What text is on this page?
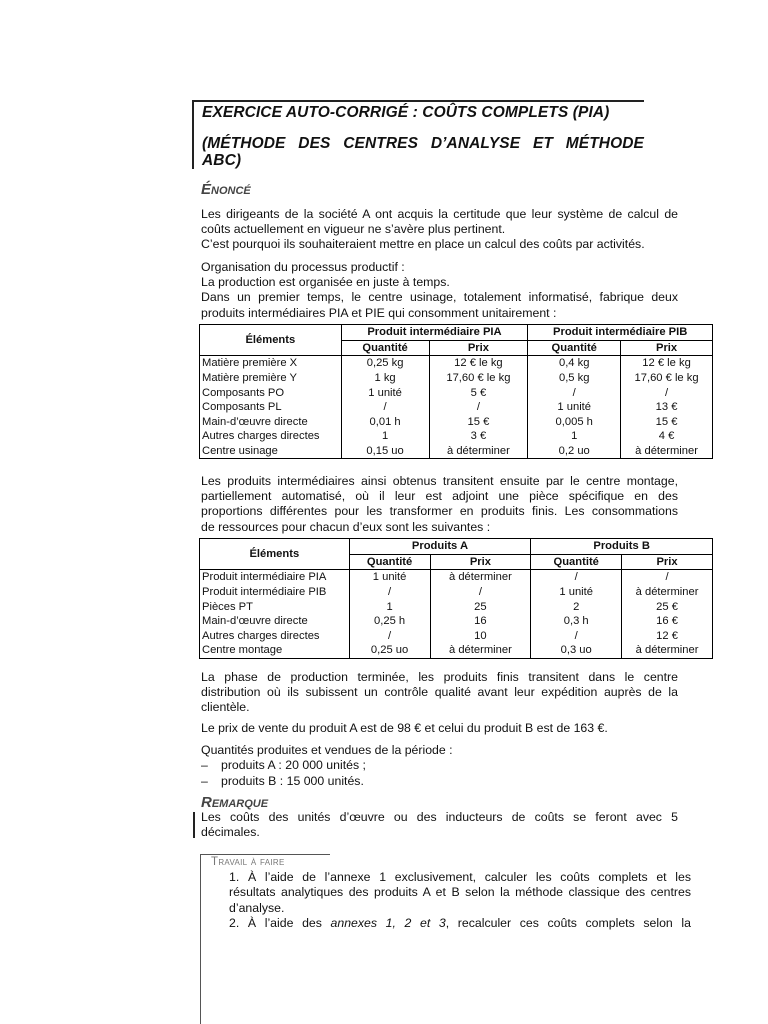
EXERCICE AUTO-CORRIGÉ : COÛTS COMPLETS (PIA)

(MÉTHODE DES CENTRES D’ANALYSE ET MÉTHODE
ABC)

Énoncé
Les dirigeants de la société A ont acquis la certitude que leur système de calcul de
coûts actuellement en vigueur ne s’avère plus pertinent.
C’est pourquoi ils souhaiteraient mettre en place un calcul des coûts par activités.
Organisation du processus productif :
La production est organisée en juste à temps.
Dans un premier temps, le centre usinage, totalement informatisé, fabrique deux
produits intermédiaires PIA et PIE qui consomment unitairement :
Éléments	Produit intermédiaire PIA		Produit intermédiaire PIB	
	Quantité	Prix	Quantité	Prix
Matière première X	0,25 kg	12 € le kg	0,4 kg	12 € le kg
Matière première Y	1 kg	17,60 € le kg	0,5 kg	17,60 € le kg
Composants PO	1 unité	5 €	/	/
Composants PL	/	/	1 unité	13 €
Main-d’œuvre directe	0,01 h	15 €	0,005 h	15 €
Autres charges directes	1	3 €	1	4 €
Centre usinage	0,15 uo	à déterminer	0,2 uo	à déterminer
Les produits intermédiaires ainsi obtenus transitent ensuite par le centre montage,
partiellement automatisé, où il leur est adjoint une pièce spécifique en des
proportions différentes pour les transformer en produits finis. Les consommations
de ressources pour chacun d’eux sont les suivantes :
Éléments	Produits A		Produits B	
	Quantité	Prix	Quantité	Prix
Produit intermédiaire PIA	1 unité	à déterminer	/	/
Produit intermédiaire PIB	/	/	1 unité	à déterminer
Pièces PT	1	25	2	25 €
Main-d’œuvre directe	0,25 h	16	0,3 h	16 €
Autres charges directes	/	10	/	12 €
Centre montage	0,25 uo	à déterminer	0,3 uo	à déterminer
La phase de production terminée, les produits finis transitent dans le centre
distribution où ils subissent un contrôle qualité avant leur expédition auprès de la
clientèle.
Le prix de vente du produit A est de 98 € et celui du produit B est de 163 €.
Quantités produites et vendues de la période :
– produits A : 20 000 unités ;
– produits B : 15 000 unités.
Remarque
Les coûts des unités d’œuvre ou des inducteurs de coûts se feront avec 5
décimales.
Travail à faire
1. À l’aide de l’annexe 1 exclusivement, calculer les coûts complets et les
résultats analytiques des produits A et B selon la méthode classique des centres
d’analyse.
2. À l’aide des annexes 1, 2 et 3, recalculer ces coûts complets selon la
